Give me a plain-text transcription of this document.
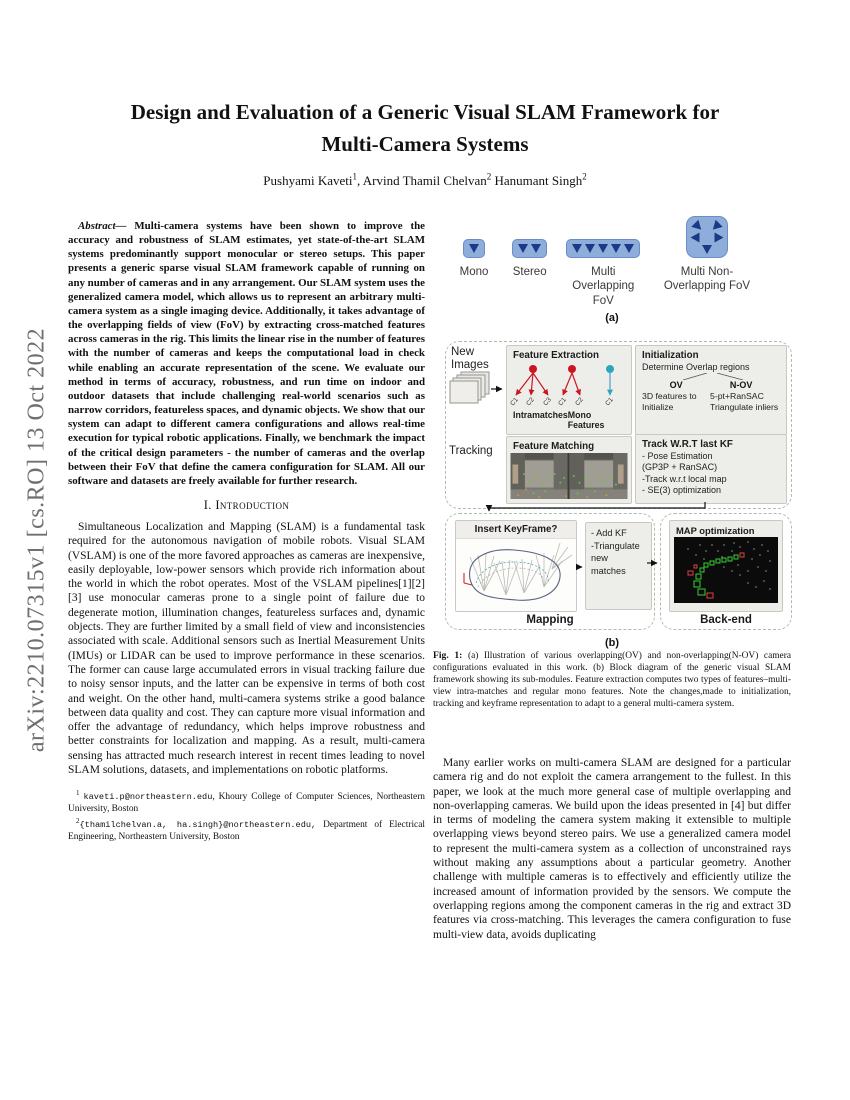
arXiv:2210.07315v1 [cs.RO] 13 Oct 2022
Design and Evaluation of a Generic Visual SLAM Framework for Multi-Camera Systems
Pushyami Kaveti$^1$, Arvind Thamil Chelvan$^2$ Hanumant Singh$^2$
Abstract— Multi-camera systems have been shown to improve the accuracy and robustness of SLAM estimates, yet state-of-the-art SLAM systems predominantly support monocular or stereo setups. This paper presents a generic sparse visual SLAM framework capable of running on any number of cameras and in any arrangement. Our SLAM system uses the generalized camera model, which allows us to represent an arbitrary multi-camera system as a single imaging device. Additionally, it takes advantage of the overlapping fields of view (FoV) by extracting cross-matched features across cameras in the rig. This limits the linear rise in the number of features with the number of cameras and keeps the computational load in check while enabling an accurate representation of the scene. We evaluate our method in terms of accuracy, robustness, and run time on indoor and outdoor datasets that include challenging real-world scenarios such as narrow corridors, featureless spaces, and dynamic objects. We show that our system can adapt to different camera configurations and allows real-time execution for typical robotic applications. Finally, we benchmark the impact of the critical design parameters - the number of cameras and the overlap between their FoV that define the camera configuration for SLAM. All our software and datasets are freely available for further research.
I. Introduction
Simultaneous Localization and Mapping (SLAM) is a fundamental task required for the autonomous navigation of mobile robots. Visual SLAM (VSLAM) is one of the more favored approaches as cameras are inexpensive, easily deployable, low-power sensors which provide rich information about the world in which the robot operates. Most of the VSLAM pipelines[1][2][3] use monocular cameras prone to a single point of failure due to degenerate motion, illumination changes, featureless surfaces and, dynamic objects. They are further limited by a small field of view and inconsistencies associated with scale. Additional sensors such as Inertial Measurement Units (IMUs) or LIDAR can be used to improve performance in these scenarios. The former can cause large accumulated errors in visual tracking failure due to noisy sensor inputs, and the latter can be expensive in terms of both cost and weight. On the other hand, multi-camera systems strike a good balance between data quality and cost. They can capture more visual information and offer the advantage of redundancy, which helps improve robustness and better constraints for localization and mapping. As a result, multi-camera sensing has attracted much research interest in recent times leading to novel SLAM solutions, datasets, and implementations on robotic platforms.
$^1$ kaveti.p@northeastern.edu, Khoury College of Computer Sciences, Northeastern University, Boston
$^2${thamilchelvan.a, ha.singh}@northeastern.edu, Department of Electrical Engineering, Northeastern University, Boston
Mono	Stereo	Multi Overlapping FoV
Multi Non-Overlapping FoV
(a)
New Images
Tracking
Feature Extraction
C1 C2 C3 C1 C2	C1
Intramatches Mono Features
Initialization
Determine Overlap regions
OV	N-OV
3D features to Initialize
5-pt+RanSAC Triangulate inliers
Feature Matching	Track W.R.T last KF
- Pose Estimation
(GP3P + RanSAC)
-Track w.r.t local map
- SE(3) optimization
Mapping
Insert KeyFrame?	- Add KF
-Triangulate
new
matches
Back-end
MAP optimization
(b)
Fig. 1: (a) Illustration of various overlapping(OV) and non-overlapping(N-OV) camera configurations evaluated in this work. (b) Block diagram of the generic visual SLAM framework showing its sub-modules. Feature extraction computes two types of features–multi-view intra-matches and regular mono features. Note the changes,made to initialization, tracking and keyframe representation to adapt to a general multi-camera system.
Many earlier works on multi-camera SLAM are designed for a particular camera rig and do not exploit the camera arrangement to the fullest. In this paper, we look at the much more general case of multiple overlapping and non-overlapping cameras. We build upon the ideas presented in [4] but differ in terms of modeling the camera system making it extensible to multiple overlapping views beyond stereo pairs. We use a generalized camera model to represent the multi-camera system as a collection of unconstrained rays without making any assumptions about a particular geometry. Another challenge with multiple cameras is to effectively and efficiently utilize the increased amount of information provided by the sensors. We compute the overlapping regions among the component cameras in the rig and extract 3D features via cross-matching. This leverages the camera configuration to fuse multi-view data, avoids duplicating
